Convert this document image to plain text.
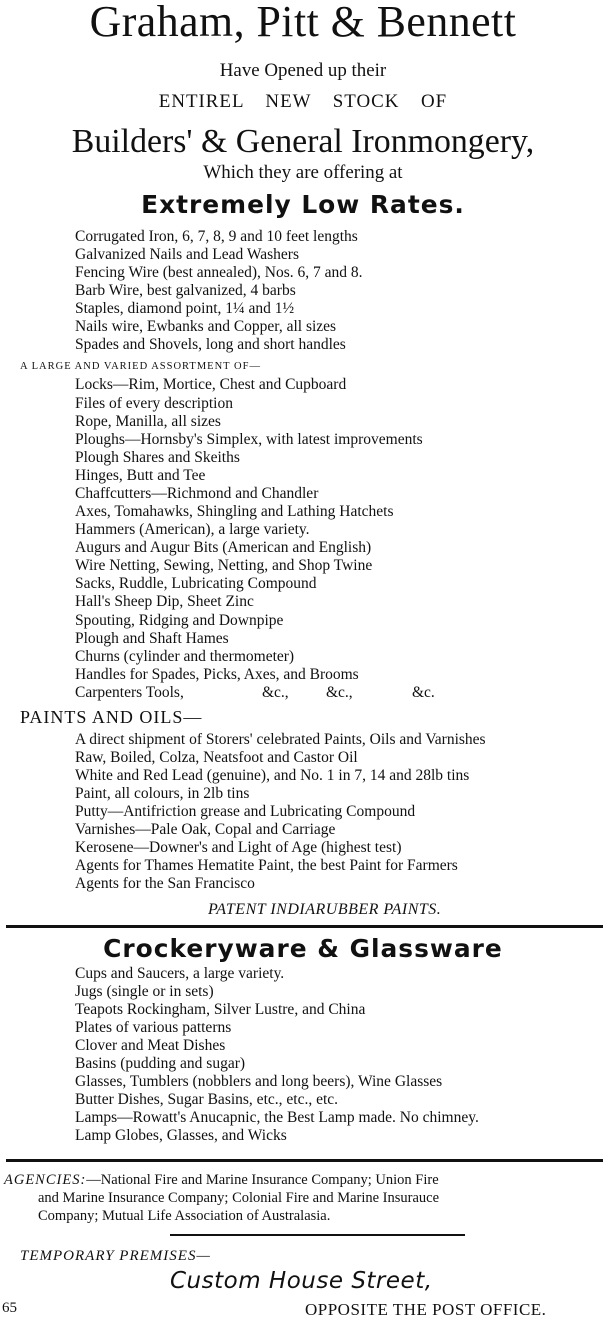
Graham, Pitt & Bennett
Have Opened up their
ENTIREL NEW STOCK OF
Builders' & General Ironmongery,
Which they are offering at
Extremely Low Rates.
Corrugated Iron, 6, 7, 8, 9 and 10 feet lengths
Galvanized Nails and Lead Washers
Fencing Wire (best annealed), Nos. 6, 7 and 8.
Barb Wire, best galvanized, 4 barbs
Staples, diamond point, 1¼ and 1½
Nails wire, Ewbanks and Copper, all sizes
Spades and Shovels, long and short handles
A LARGE AND VARIED ASSORTMENT OF—
Locks—Rim, Mortice, Chest and Cupboard
Files of every description
Rope, Manilla, all sizes
Ploughs—Hornsby's Simplex, with latest improvements
Plough Shares and Skeiths
Hinges, Butt and Tee
Chaffcutters—Richmond and Chandler
Axes, Tomahawks, Shingling and Lathing Hatchets
Hammers (American), a large variety.
Augurs and Augur Bits (American and English)
Wire Netting, Sewing, Netting, and Shop Twine
Sacks, Ruddle, Lubricating Compound
Hall's Sheep Dip, Sheet Zinc
Spouting, Ridging and Downpipe
Plough and Shaft Hames
Churns (cylinder and thermometer)
Handles for Spades, Picks, Axes, and Brooms
Carpenters Tools,	&c., &c.,	&c.
PAINTS AND OILS—
A direct shipment of Storers' celebrated Paints, Oils and Varnishes
Raw, Boiled, Colza, Neatsfoot and Castor Oil
White and Red Lead (genuine), and No. 1 in 7, 14 and 28lb tins
Paint, all colours, in 2lb tins
Putty—Antifriction grease and Lubricating Compound
Varnishes—Pale Oak, Copal and Carriage
Kerosene—Downer's and Light of Age (highest test)
Agents for Thames Hematite Paint, the best Paint for Farmers
Agents for the San Francisco
PATENT INDIARUBBER PAINTS.
Crockeryware & Glassware
Cups and Saucers, a large variety.
Jugs (single or in sets)
Teapots Rockingham, Silver Lustre, and China
Plates of various patterns
Clover and Meat Dishes
Basins (pudding and sugar)
Glasses, Tumblers (nobblers and long beers), Wine Glasses
Butter Dishes, Sugar Basins, etc., etc., etc.
Lamps—Rowatt's Anucapnic, the Best Lamp made. No chimney.
Lamp Globes, Glasses, and Wicks
AGENCIES:—National Fire and Marine Insurance Company; Union Fire
and Marine Insurance Company; Colonial Fire and Marine Insurauce
Company; Mutual Life Association of Australasia.
TEMPORARY PREMISES—
Custom House Street,
65	OPPOSITE THE POST OFFICE.
